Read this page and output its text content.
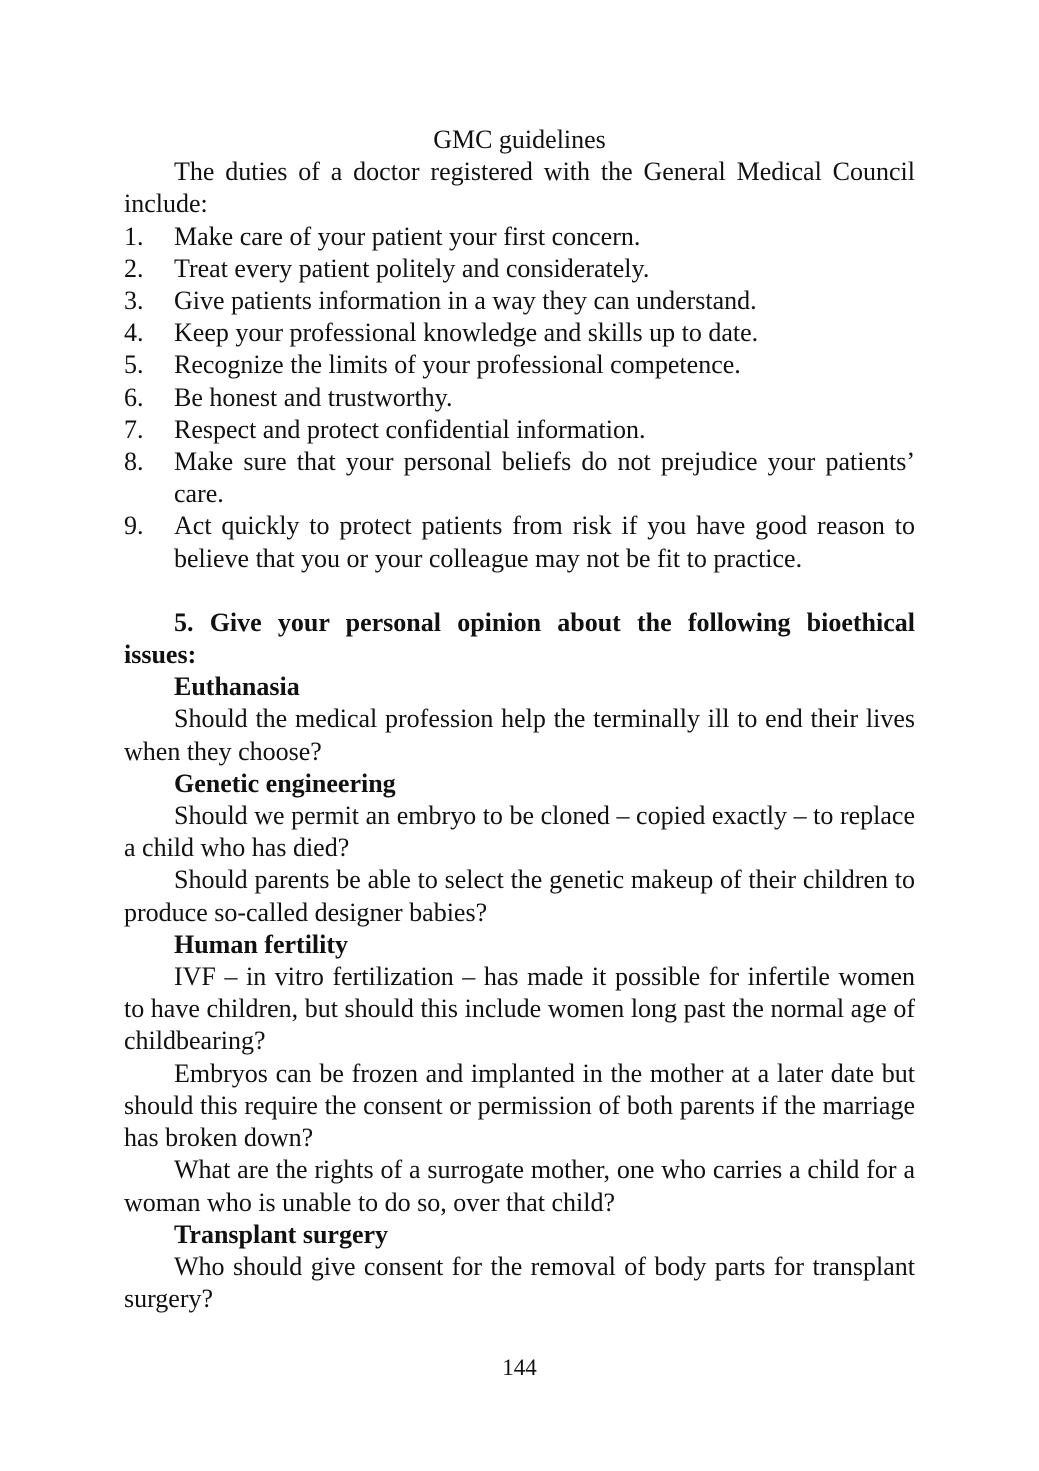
GMC guidelines

The duties of a doctor registered with the General Medical Council include:

1. Make care of your patient your first concern.
2. Treat every patient politely and considerately.
3. Give patients information in a way they can understand.
4. Keep your professional knowledge and skills up to date.
5. Recognize the limits of your professional competence.
6. Be honest and trustworthy.
7. Respect and protect confidential information.
8. Make sure that your personal beliefs do not prejudice your patients’ care.
9. Act quickly to protect patients from risk if you have good reason to believe that you or your colleague may not be fit to practice.

5. Give your personal opinion about the following bioethical issues:

Euthanasia

Should the medical profession help the terminally ill to end their lives when they choose?

Genetic engineering

Should we permit an embryo to be cloned – copied exactly – to replace a child who has died?

Should parents be able to select the genetic makeup of their children to produce so-called designer babies?

Human fertility

IVF – in vitro fertilization – has made it possible for infertile women to have children, but should this include women long past the normal age of childbearing?

Embryos can be frozen and implanted in the mother at a later date but should this require the consent or permission of both parents if the marriage has broken down?

What are the rights of a surrogate mother, one who carries a child for a woman who is unable to do so, over that child?

Transplant surgery

Who should give consent for the removal of body parts for transplant surgery?

144
